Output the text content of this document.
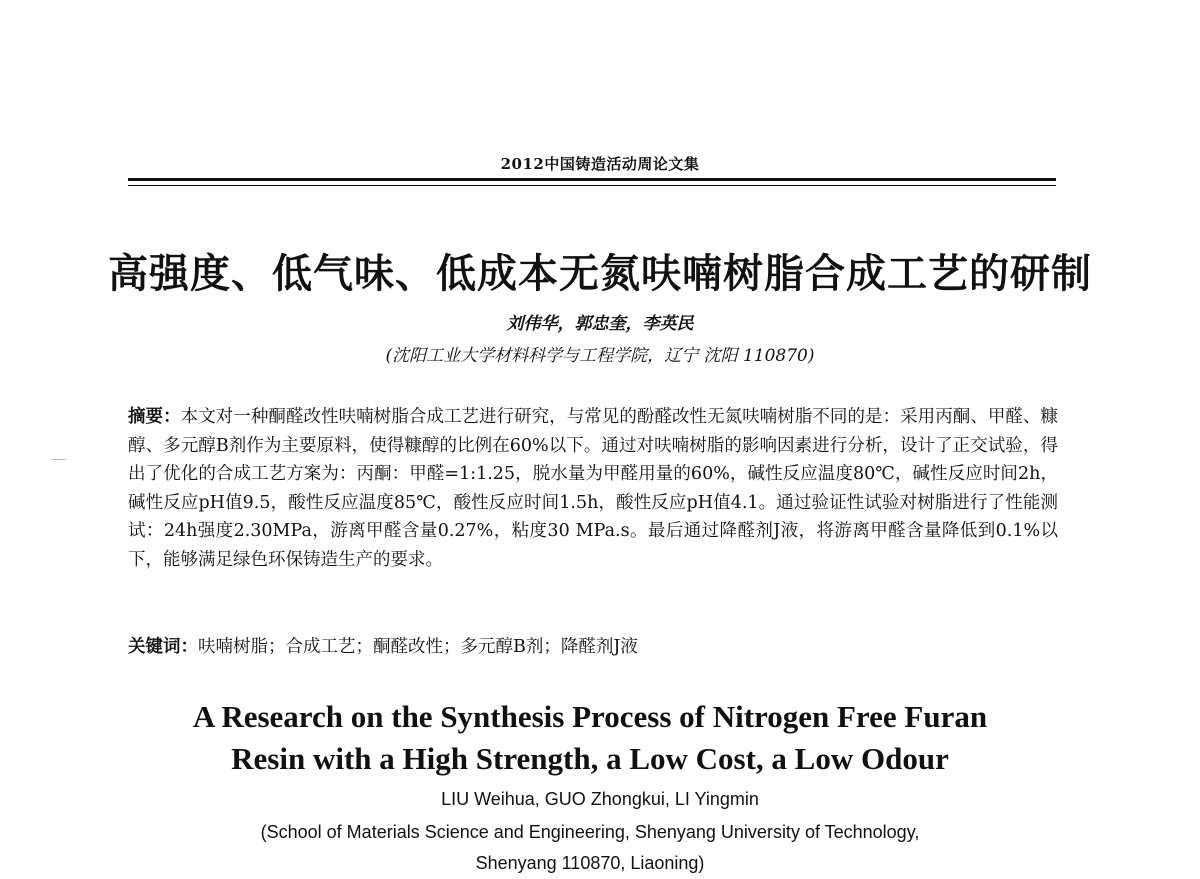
2012中国铸造活动周论文集
高强度、低气味、低成本无氮呋喃树脂合成工艺的研制
刘伟华，郭忠奎，李英民
(沈阳工业大学材料科学与工程学院，辽宁 沈阳 110870)
摘要：本文对一种酮醛改性呋喃树脂合成工艺进行研究，与常见的酚醛改性无氮呋喃树脂不同的是：采用丙酮、甲醛、糠醇、多元醇B剂作为主要原料，使得糠醇的比例在60%以下。通过对呋喃树脂的影响因素进行分析，设计了正交试验，得出了优化的合成工艺方案为：丙酮：甲醛=1:1.25，脱水量为甲醛用量的60%，碱性反应温度80℃，碱性反应时间2h，碱性反应pH值9.5，酸性反应温度85℃，酸性反应时间1.5h，酸性反应pH值4.1。通过验证性试验对树脂进行了性能测试：24h强度2.30MPa，游离甲醛含量0.27%，粘度30 MPa.s。最后通过降醛剂J液，将游离甲醛含量降低到0.1%以下，能够满足绿色环保铸造生产的要求。
关键词：呋喃树脂；合成工艺；酮醛改性；多元醇B剂；降醛剂J液
A Research on the Synthesis Process of Nitrogen Free Furan
Resin with a High Strength, a Low Cost, a Low Odour
LIU Weihua, GUO Zhongkui, LI Yingmin
(School of Materials Science and Engineering, Shenyang University of Technology,
Shenyang 110870, Liaoning)
